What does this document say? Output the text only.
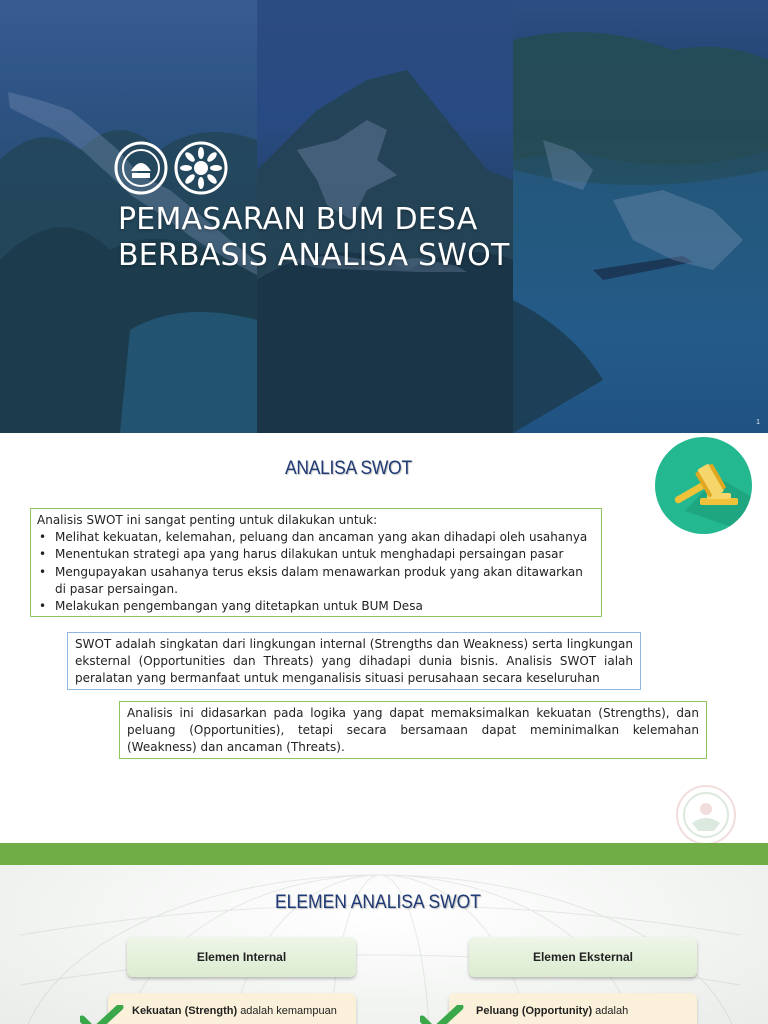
PEMASARAN BUM DESA
BERBASIS ANALISA SWOT
1
ANALISA SWOT
Analisis SWOT ini sangat penting untuk dilakukan untuk:
• Melihat kekuatan, kelemahan, peluang dan ancaman yang akan dihadapi oleh usahanya
• Menentukan strategi apa yang harus dilakukan untuk menghadapi persaingan pasar
• Mengupayakan usahanya terus eksis dalam menawarkan produk yang akan ditawarkan di pasar persaingan.
• Melakukan pengembangan yang ditetapkan untuk BUM Desa
SWOT adalah singkatan dari lingkungan internal (Strengths dan Weakness) serta lingkungan eksternal (Opportunities dan Threats) yang dihadapi dunia bisnis. Analisis SWOT ialah peralatan yang bermanfaat untuk menganalisis situasi perusahaan secara keseluruhan
Analisis ini didasarkan pada logika yang dapat memaksimalkan kekuatan (Strengths), dan peluang (Opportunities), tetapi secara bersamaan dapat meminimalkan kelemahan (Weakness) dan ancaman (Threats).
ELEMEN ANALISA SWOT
Elemen Internal	Elemen Eksternal
Kekuatan (Strength) adalah kemampuan	Peluang (Opportunity) adalah
